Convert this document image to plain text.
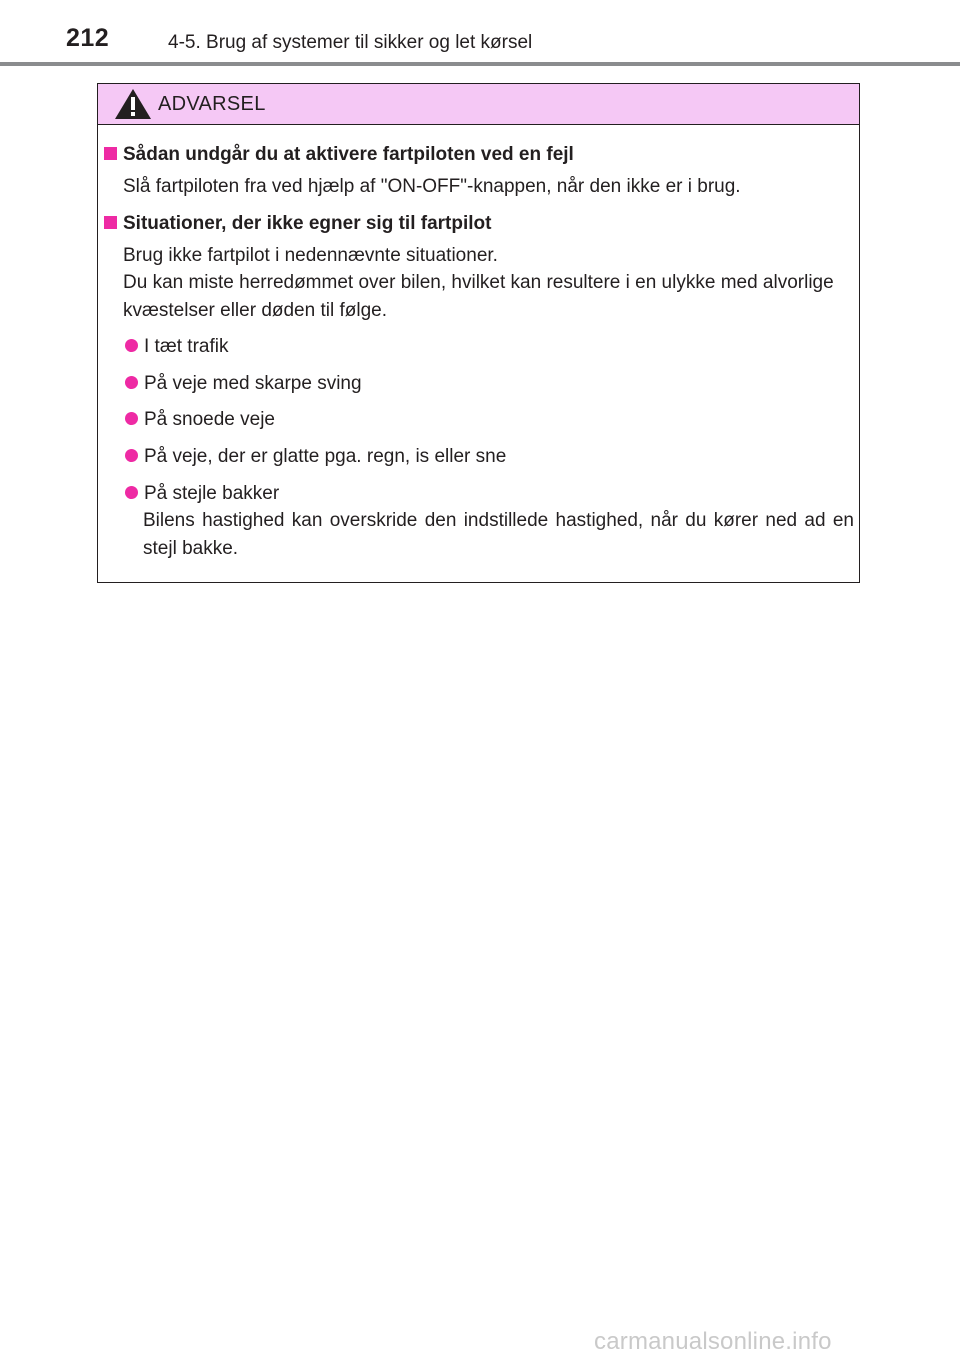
212	4-5. Brug af systemer til sikker og let kørsel
ADVARSEL
Sådan undgår du at aktivere fartpiloten ved en fejl
Slå fartpiloten fra ved hjælp af "ON-OFF"-knappen, når den ikke er i brug.
Situationer, der ikke egner sig til fartpilot
Brug ikke fartpilot i nedennævnte situationer.
Du kan miste herredømmet over bilen, hvilket kan resultere i en ulykke med alvorlige kvæstelser eller døden til følge.
I tæt trafik
På veje med skarpe sving
På snoede veje
På veje, der er glatte pga. regn, is eller sne
På stejle bakker
Bilens hastighed kan overskride den indstillede hastighed, når du kører ned ad en stejl bakke.
carmanualsonline.info
